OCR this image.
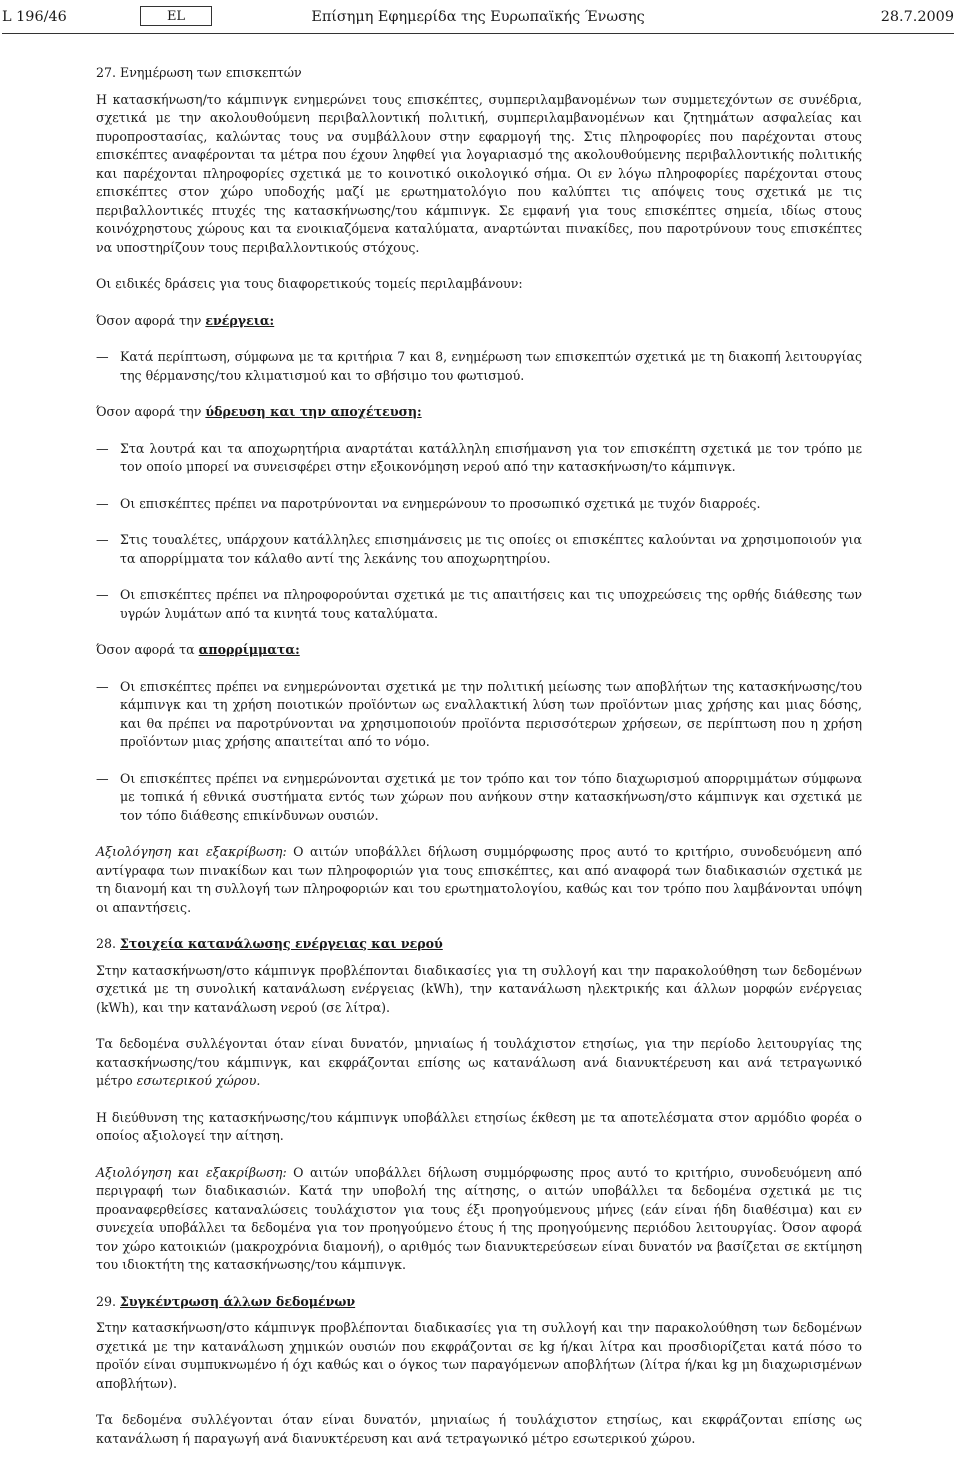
L 196/46	EL	Επίσημη Εφημερίδα της Ευρωπαϊκής Ένωσης	28.7.2009

27. Ενημέρωση των επισκεπτών

Η κατασκήνωση/το κάμπινγκ ενημερώνει τους επισκέπτες, συμπεριλαμβανομένων των συμμετεχόντων σε συνέδρια, σχετικά με την ακολουθούμενη περιβαλλοντική πολιτική, συμπεριλαμβανομένων και ζητημάτων ασφαλείας και πυροπροστασίας, καλώντας τους να συμβάλλουν στην εφαρμογή της. Στις πληροφορίες που παρέχονται στους επισκέπτες αναφέρονται τα μέτρα που έχουν ληφθεί για λογαριασμό της ακολουθούμενης περιβαλλοντικής πολιτικής και παρέχονται πληροφορίες σχετικά με το κοινοτικό οικολογικό σήμα. Οι εν λόγω πληροφορίες παρέχονται στους επισκέπτες στον χώρο υποδοχής μαζί με ερωτηματολόγιο που καλύπτει τις απόψεις τους σχετικά με τις περιβαλλοντικές πτυχές της κατασκήνωσης/του κάμπινγκ. Σε εμφανή για τους επισκέπτες σημεία, ιδίως στους κοινόχρηστους χώρους και τα ενοικιαζόμενα καταλύματα, αναρτώνται πινακίδες, που παροτρύνουν τους επισκέπτες να υποστηρίζουν τους περιβαλλοντικούς στόχους.

Οι ειδικές δράσεις για τους διαφορετικούς τομείς περιλαμβάνουν:

Όσον αφορά την ενέργεια:

— Κατά περίπτωση, σύμφωνα με τα κριτήρια 7 και 8, ενημέρωση των επισκεπτών σχετικά με τη διακοπή λειτουργίας της θέρμανσης/του κλιματισμού και το σβήσιμο του φωτισμού.

Όσον αφορά την ύδρευση και την αποχέτευση:

— Στα λουτρά και τα αποχωρητήρια αναρτάται κατάλληλη επισήμανση για τον επισκέπτη σχετικά με τον τρόπο με τον οποίο μπορεί να συνεισφέρει στην εξοικονόμηση νερού από την κατασκήνωση/το κάμπινγκ.
— Οι επισκέπτες πρέπει να παροτρύνονται να ενημερώνουν το προσωπικό σχετικά με τυχόν διαρροές.
— Στις τουαλέτες, υπάρχουν κατάλληλες επισημάνσεις με τις οποίες οι επισκέπτες καλούνται να χρησιμοποιούν για τα απορρίμματα τον κάλαθο αντί της λεκάνης του αποχωρητηρίου.
— Οι επισκέπτες πρέπει να πληροφορούνται σχετικά με τις απαιτήσεις και τις υποχρεώσεις της ορθής διάθεσης των υγρών λυμάτων από τα κινητά τους καταλύματα.

Όσον αφορά τα απορρίμματα:

— Οι επισκέπτες πρέπει να ενημερώνονται σχετικά με την πολιτική μείωσης των αποβλήτων της κατασκήνωσης/του κάμπινγκ και τη χρήση ποιοτικών προϊόντων ως εναλλακτική λύση των προϊόντων μιας χρήσης και μιας δόσης, και θα πρέπει να παροτρύνονται να χρησιμοποιούν προϊόντα περισσότερων χρήσεων, σε περίπτωση που η χρήση προϊόντων μιας χρήσης απαιτείται από το νόμο.
— Οι επισκέπτες πρέπει να ενημερώνονται σχετικά με τον τρόπο και τον τόπο διαχωρισμού απορριμμάτων σύμφωνα με τοπικά ή εθνικά συστήματα εντός των χώρων που ανήκουν στην κατασκήνωση/στο κάμπινγκ και σχετικά με τον τόπο διάθεσης επικίνδυνων ουσιών.

Αξιολόγηση και εξακρίβωση: Ο αιτών υποβάλλει δήλωση συμμόρφωσης προς αυτό το κριτήριο, συνοδευόμενη από αντίγραφα των πινακίδων και των πληροφοριών για τους επισκέπτες, και από αναφορά των διαδικασιών σχετικά με τη διανομή και τη συλλογή των πληροφοριών και του ερωτηματολογίου, καθώς και τον τρόπο που λαμβάνονται υπόψη οι απαντήσεις.

28. Στοιχεία κατανάλωσης ενέργειας και νερού

Στην κατασκήνωση/στο κάμπινγκ προβλέπονται διαδικασίες για τη συλλογή και την παρακολούθηση των δεδομένων σχετικά με τη συνολική κατανάλωση ενέργειας (kWh), την κατανάλωση ηλεκτρικής και άλλων μορφών ενέργειας (kWh), και την κατανάλωση νερού (σε λίτρα).

Τα δεδομένα συλλέγονται όταν είναι δυνατόν, μηνιαίως ή τουλάχιστον ετησίως, για την περίοδο λειτουργίας της κατασκήνωσης/του κάμπινγκ, και εκφράζονται επίσης ως κατανάλωση ανά διανυκτέρευση και ανά τετραγωνικό μέτρο εσωτερικού χώρου.

Η διεύθυνση της κατασκήνωσης/του κάμπινγκ υποβάλλει ετησίως έκθεση με τα αποτελέσματα στον αρμόδιο φορέα ο οποίος αξιολογεί την αίτηση.

Αξιολόγηση και εξακρίβωση: Ο αιτών υποβάλλει δήλωση συμμόρφωσης προς αυτό το κριτήριο, συνοδευόμενη από περιγραφή των διαδικασιών. Κατά την υποβολή της αίτησης, ο αιτών υποβάλλει τα δεδομένα σχετικά με τις προαναφερθείσες καταναλώσεις τουλάχιστον για τους έξι προηγούμενους μήνες (εάν είναι ήδη διαθέσιμα) και εν συνεχεία υποβάλλει τα δεδομένα για τον προηγούμενο έτους ή της προηγούμενης περιόδου λειτουργίας. Όσον αφορά τον χώρο κατοικιών (μακροχρόνια διαμονή), ο αριθμός των διανυκτερεύσεων είναι δυνατόν να βασίζεται σε εκτίμηση του ιδιοκτήτη της κατασκήνωσης/του κάμπινγκ.

29. Συγκέντρωση άλλων δεδομένων

Στην κατασκήνωση/στο κάμπινγκ προβλέπονται διαδικασίες για τη συλλογή και την παρακολούθηση των δεδομένων σχετικά με την κατανάλωση χημικών ουσιών που εκφράζονται σε kg ή/και λίτρα και προσδιορίζεται κατά πόσο το προϊόν είναι συμπυκνωμένο ή όχι καθώς και ο όγκος των παραγόμενων αποβλήτων (λίτρα ή/και kg μη διαχωρισμένων αποβλήτων).

Τα δεδομένα συλλέγονται όταν είναι δυνατόν, μηνιαίως ή τουλάχιστον ετησίως, και εκφράζονται επίσης ως κατανάλωση ή παραγωγή ανά διανυκτέρευση και ανά τετραγωνικό μέτρο εσωτερικού χώρου.
